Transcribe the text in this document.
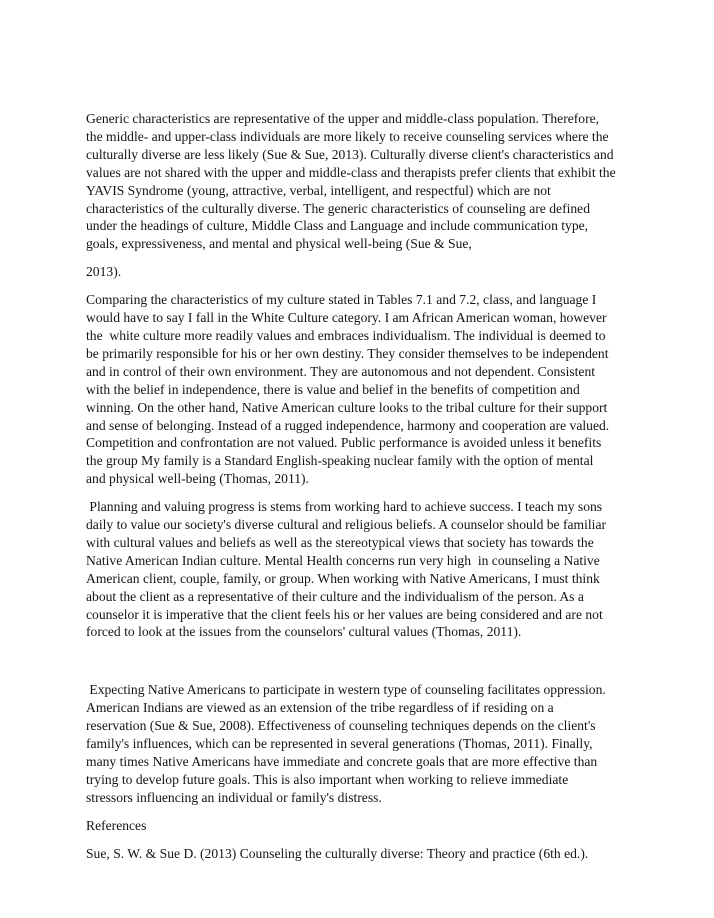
Generic characteristics are representative of the upper and middle-class population. Therefore,
the middle- and upper-class individuals are more likely to receive counseling services where the
culturally diverse are less likely (Sue & Sue, 2013). Culturally diverse client's characteristics and
values are not shared with the upper and middle-class and therapists prefer clients that exhibit the
YAVIS Syndrome (young, attractive, verbal, intelligent, and respectful) which are not
characteristics of the culturally diverse. The generic characteristics of counseling are defined
under the headings of culture, Middle Class and Language and include communication type,
goals, expressiveness, and mental and physical well-being (Sue & Sue,

2013).

Comparing the characteristics of my culture stated in Tables 7.1 and 7.2, class, and language I
would have to say I fall in the White Culture category. I am African American woman, however
the  white culture more readily values and embraces individualism. The individual is deemed to
be primarily responsible for his or her own destiny. They consider themselves to be independent
and in control of their own environment. They are autonomous and not dependent. Consistent
with the belief in independence, there is value and belief in the benefits of competition and
winning. On the other hand, Native American culture looks to the tribal culture for their support
and sense of belonging. Instead of a rugged independence, harmony and cooperation are valued.
Competition and confrontation are not valued. Public performance is avoided unless it benefits
the group My family is a Standard English-speaking nuclear family with the option of mental
and physical well-being (Thomas, 2011).

Planning and valuing progress is stems from working hard to achieve success. I teach my sons
daily to value our society's diverse cultural and religious beliefs. A counselor should be familiar
with cultural values and beliefs as well as the stereotypical views that society has towards the
Native American Indian culture. Mental Health concerns run very high  in counseling a Native
American client, couple, family, or group. When working with Native Americans, I must think
about the client as a representative of their culture and the individualism of the person. As a
counselor it is imperative that the client feels his or her values are being considered and are not
forced to look at the issues from the counselors' cultural values (Thomas, 2011).

Expecting Native Americans to participate in western type of counseling facilitates oppression.
American Indians are viewed as an extension of the tribe regardless of if residing on a
reservation (Sue & Sue, 2008). Effectiveness of counseling techniques depends on the client's
family's influences, which can be represented in several generations (Thomas, 2011). Finally,
many times Native Americans have immediate and concrete goals that are more effective than
trying to develop future goals. This is also important when working to relieve immediate
stressors influencing an individual or family's distress.

References

Sue, S. W. & Sue D. (2013) Counseling the culturally diverse: Theory and practice (6th ed.).
